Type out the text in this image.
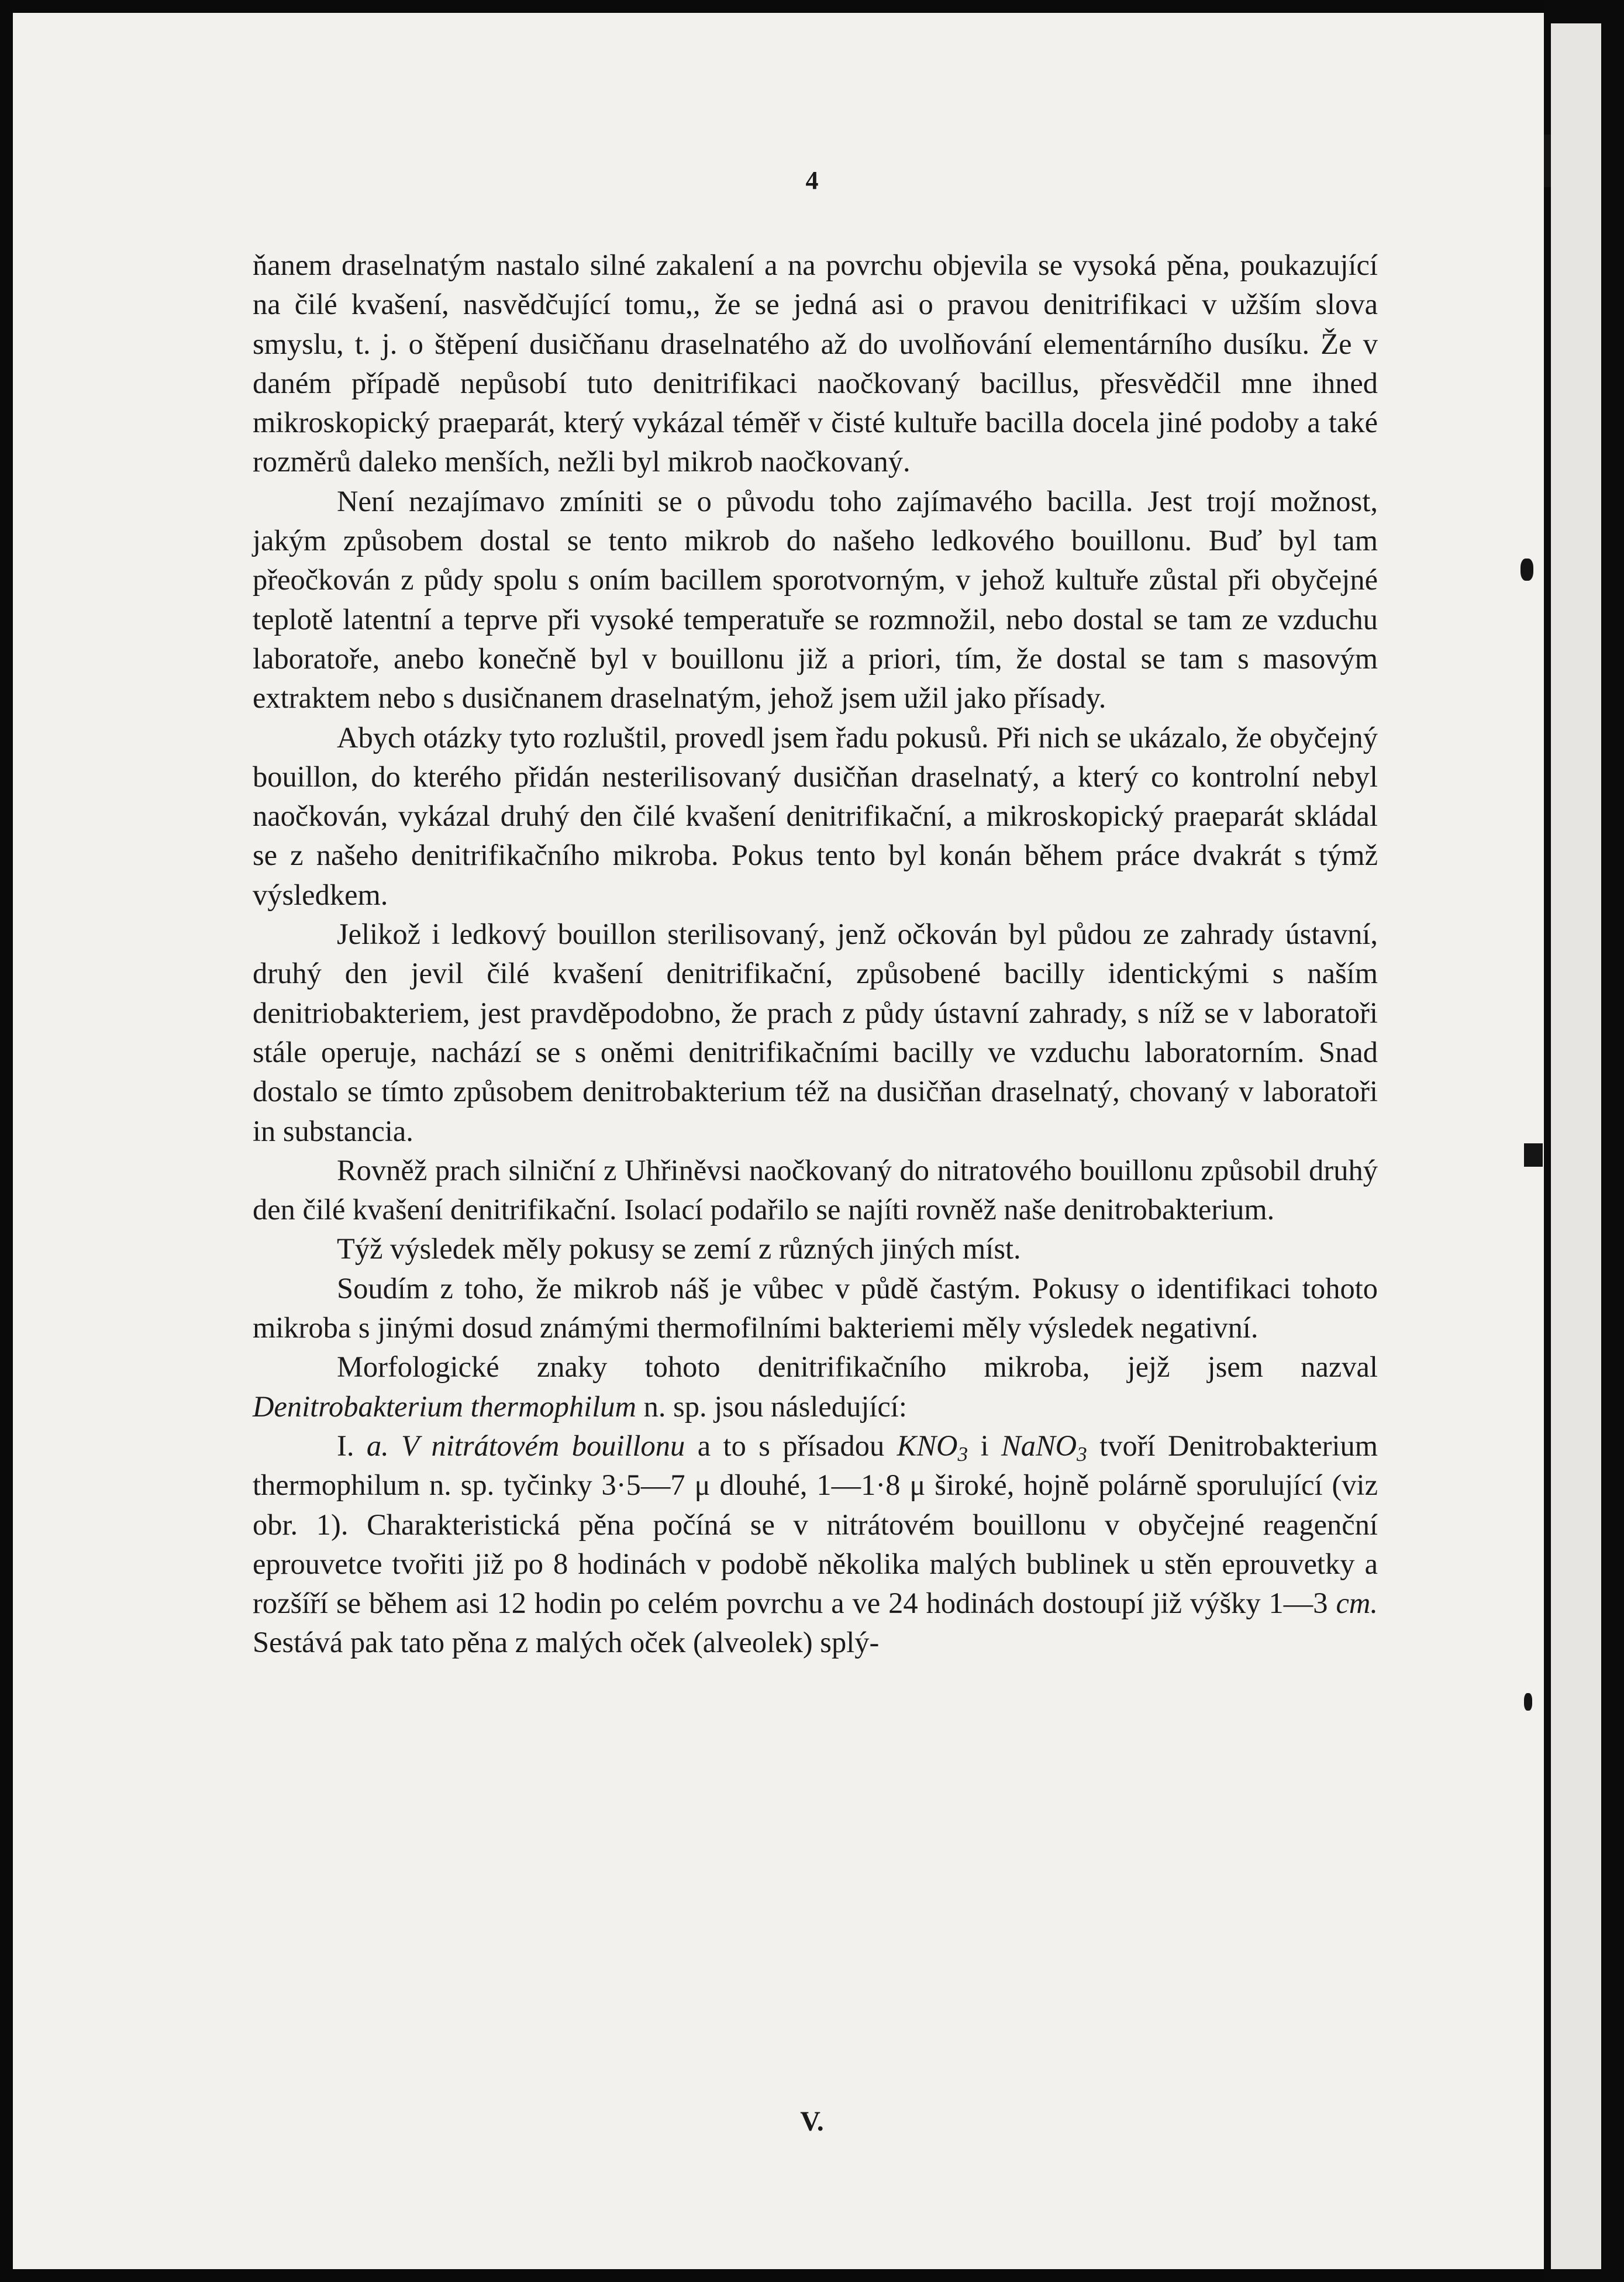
4

ňanem draselnatým nastalo silné zakalení a na povrchu objevila se vysoká pěna, poukazující na čilé kvašení, nasvědčující tomu,, že se jedná asi o pravou denitrifikaci v užším slova smyslu, t. j. o štěpení dusičňanu draselnatého až do uvolňování elementárního dusíku. Že v daném případě nepůsobí tuto denitrifikaci naočkovaný bacillus, přesvědčil mne ihned mikroskopický praeparát, který vykázal téměř v čisté kultuře bacilla docela jiné podoby a také rozměrů daleko menších, nežli byl mikrob naočkovaný.

Není nezajímavo zmíniti se o původu toho zajímavého bacilla. Jest trojí možnost, jakým způsobem dostal se tento mikrob do našeho ledkového bouillonu. Buď byl tam přeočkován z půdy spolu s oním bacillem sporotvorným, v jehož kultuře zůstal při obyčejné teplotě latentní a teprve při vysoké temperatuře se rozmnožil, nebo dostal se tam ze vzduchu laboratoře, anebo konečně byl v bouillonu již a priori, tím, že dostal se tam s masovým extraktem nebo s dusičnanem draselnatým, jehož jsem užil jako přísady.

Abych otázky tyto rozluštil, provedl jsem řadu pokusů. Při nich se ukázalo, že obyčejný bouillon, do kterého přidán nesterilisovaný dusičňan draselnatý, a který co kontrolní nebyl naočkován, vykázal druhý den čilé kvašení denitrifikační, a mikroskopický praeparát skládal se z našeho denitrifikačního mikroba. Pokus tento byl konán během práce dvakrát s týmž výsledkem.

Jelikož i ledkový bouillon sterilisovaný, jenž očkován byl půdou ze zahrady ústavní, druhý den jevil čilé kvašení denitrifikační, způsobené bacilly identickými s naším denitriobakteriem, jest pravděpodobno, že prach z půdy ústavní zahrady, s níž se v laboratoři stále operuje, nachází se s oněmi denitrifikačními bacilly ve vzduchu laboratorním. Snad dostalo se tímto způsobem denitrobakterium též na dusičňan draselnatý, chovaný v laboratoři in substancia.

Rovněž prach silniční z Uhřiněvsi naočkovaný do nitratového bouillonu způsobil druhý den čilé kvašení denitrifikační. Isolací podařilo se najíti rovněž naše denitrobakterium.

Týž výsledek měly pokusy se zemí z různých jiných míst.

Soudím z toho, že mikrob náš je vůbec v půdě častým. Pokusy o identifikaci tohoto mikroba s jinými dosud známými thermofilními bakteriemi měly výsledek negativní.

Morfologické znaky tohoto denitrifikačního mikroba, jejž jsem nazval Denitrobakterium thermophilum n. sp. jsou následující:

I. a. V nitrátovém bouillonu a to s přísadou $KNO_3$ i NaNO$_3$ tvoří Denitrobakterium thermophilum n. sp. tyčinky 3·5—7 μ dlouhé, 1—1·8 μ široké, hojně polárně sporulující (viz obr. 1). Charakteristická pěna počíná se v nitrátovém bouillonu v obyčejné reagenční eprouvetce tvořiti již po 8 hodinách v podobě několika malých bublinek u stěn eprouvetky a rozšíří se během asi 12 hodin po celém povrchu a ve 24 hodinách dostoupí již výšky 1—3 cm. Sestává pak tato pěna z malých oček (alveolek) splý-

V.
